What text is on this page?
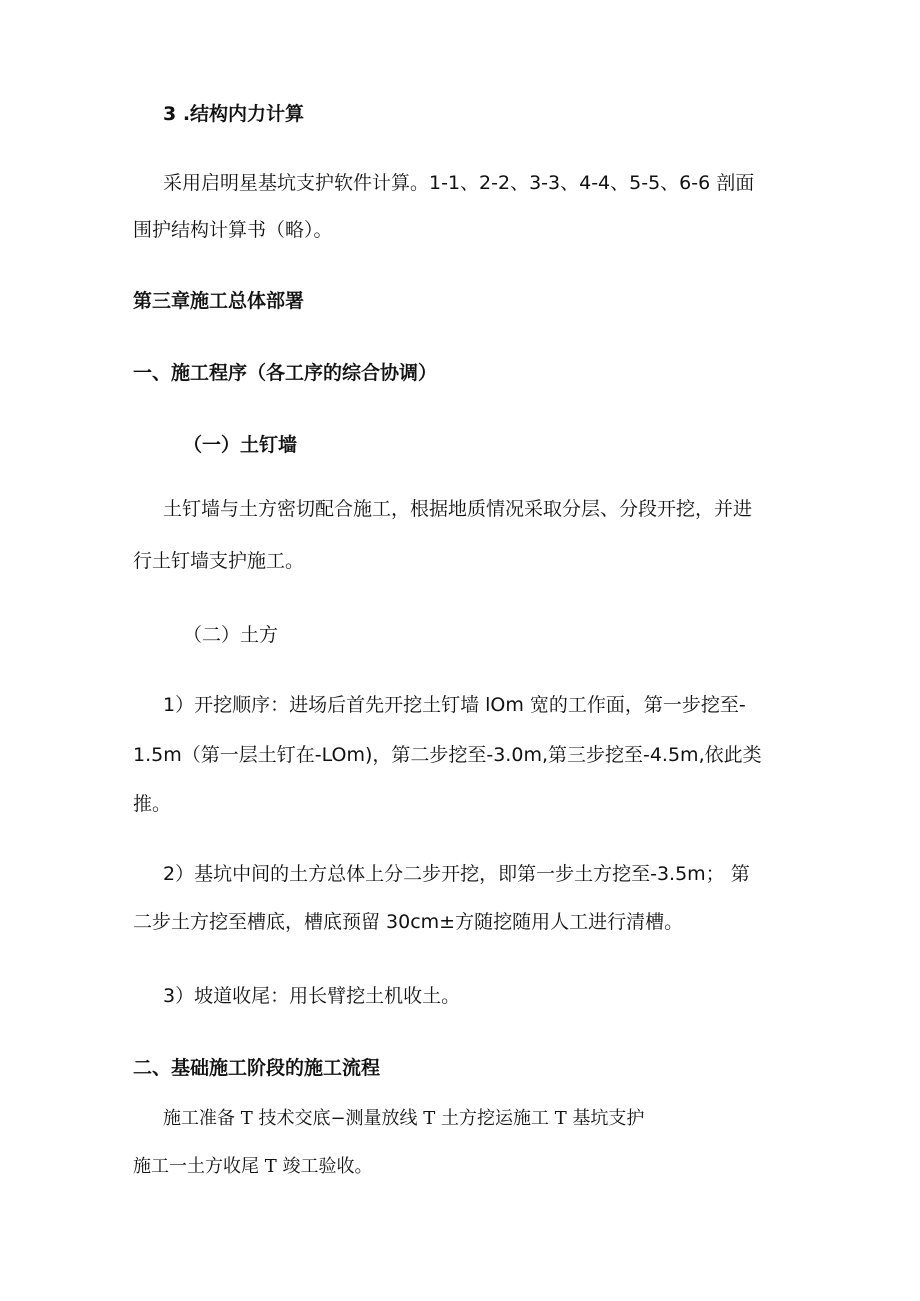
3 .结构内力计算
采用启明星基坑支护软件计算。1-1、2-2、3-3、4-4、5-5、6-6 剖面
围护结构计算书（略）。
第三章施工总体部署
一、施工程序（各工序的综合协调）
（一）土钉墙
土钉墙与土方密切配合施工，根据地质情况采取分层、分段开挖，并进
行土钉墙支护施工。
（二）土方
1）开挖顺序：进场后首先开挖土钉墙 lOm 宽的工作面，第一步挖至-
1.5m（第一层土钉在-LOm)，第二步挖至-3.0m,第三步挖至-4.5m,依此类
推。
2）基坑中间的土方总体上分二步开挖，即第一步土方挖至-3.5m； 第
二步土方挖至槽底，槽底预留 30cm±方随挖随用人工进行清槽。
3）坡道收尾：用长臂挖土机收土。
二、基础施工阶段的施工流程
施工准备 T 技术交底−测量放线 T 土方挖运施工 T 基坑支护
施工一土方收尾 T 竣工验收。
